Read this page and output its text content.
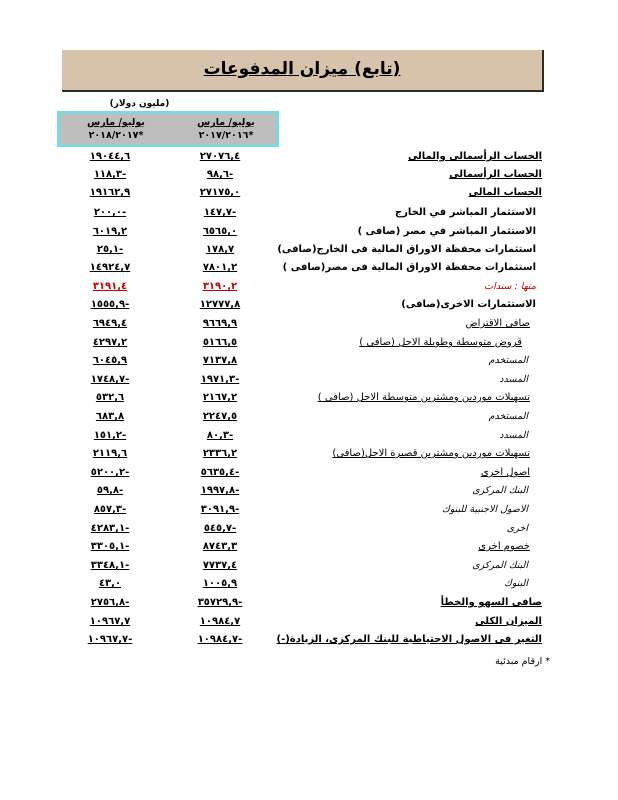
(تابع) ميزان المدفوعات
(مليون دولار)
يوليو/ مارس
*۲۰۱۸/۲۰۱۷
يوليو/ مارس
*۲۰۱۷/۲۰۱٦
١٩٠٤٤,٦	٢٧٠٧٦,٤	الحساب الرأسمالى والمالى
-١١٨,٣	-٩٨,٦	الحساب الرأسمالى
١٩١٦٢,٩	٢٧١٧٥,٠	الحساب المالى
-٢٠٠,٠	-١٤٧,٧	الاستثمار المباشر في الخارج
٦٠١٩,٢	٦٥٦٥,٠	الاستثمار المباشر في مصر (صافى )
-٢٥,١	١٧٨,٧	استثمارات محفظة الاوراق المالية فى الخارج(صافى)
١٤٩٢٤,٧	٧٨٠١,٢	استثمارات محفظة الاوراق المالية فى مصر(صافى )
٣١٩١,٤	٣١٩٠,٢	منها : سندات
-١٥٥٥,٩	١٢٧٧٧,٨	الاستثمارات الاخرى(صافى)
٦٩٤٩,٤	٩٦٦٩,٩	صافى الاقتراض
٤٢٩٧,٢	٥١٦٦,٥	قروض متوسطة وطويلة الاجل (صافى )
٦٠٤٥,٩	٧١٣٧,٨	المستخدم
-١٧٤٨,٧	-١٩٧١,٣	المسدد
٥٣٢,٦	٢١٦٧,٢	تسهيلات موردين ومشترين متوسطة الاجل (صافى )
٦٨٣,٨	٢٢٤٧,٥	المستخدم
-١٥١,٢	-٨٠,٣	المسدد
٢١١٩,٦	٢٣٣٦,٢	تسهيلات موردين ومشترين قصيرة الاجل(صافى)
-٥٢٠٠,٢	-٥٦٣٥,٤	اصول اخرى
-٥٩,٨	-١٩٩٧,٨	البنك المركزى
-٨٥٧,٣	-٣٠٩١,٩	الاصول الاجنبية للبنوك
-٤٢٨٣,١	-٥٤٥,٧	اخرى
-٣٣٠٥,١	٨٧٤٣,٣	خصوم اخرى
-٣٣٤٨,١	٧٧٣٧,٤	البنك المركزى
٤٣,٠	١٠٠٥,٩	البنوك
-٢٧٥٦,٨	-٣٥٧٢٩,٩	صافى السهو والخطأ
١٠٩٦٧,٧	١٠٩٨٤,٧	الميزان الكلى
-١٠٩٦٧,٧	-١٠٩٨٤,٧	التغير فى الاصول الاحتياطية للبنك المركزى، الزيادة(-)
* ارقام مبدئية
